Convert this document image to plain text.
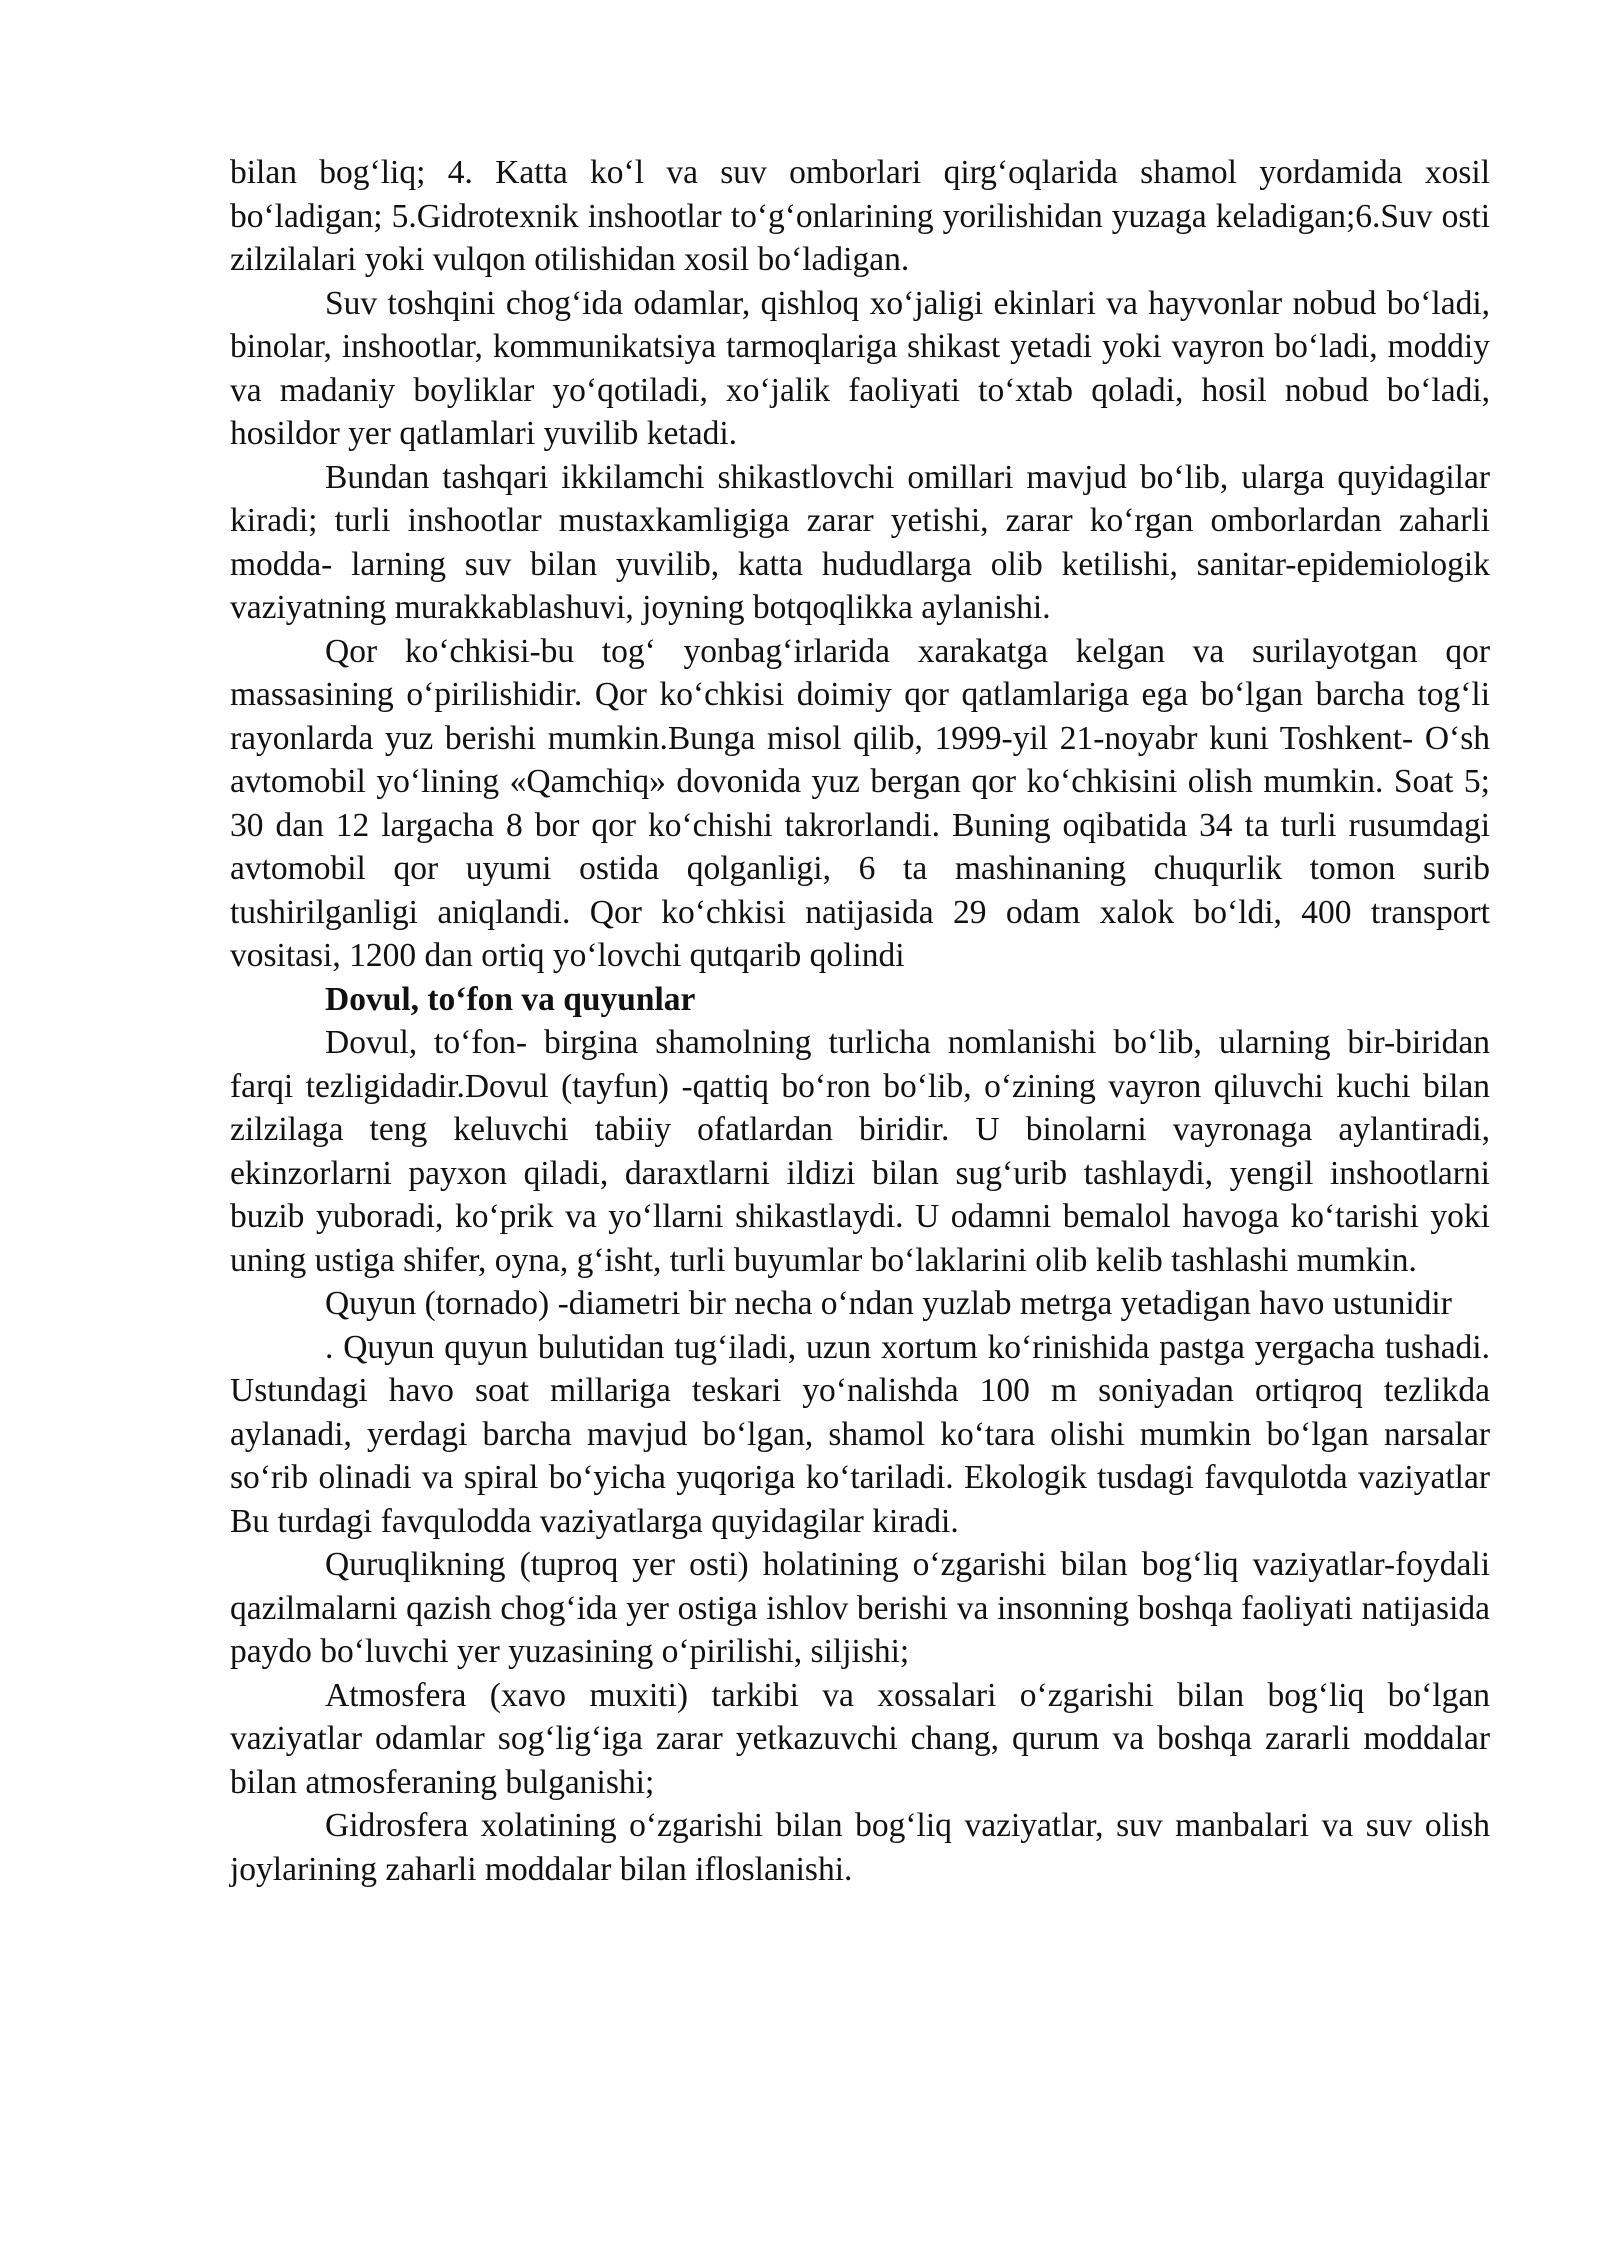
bilan bog‘liq; 4. Katta ko‘l va suv omborlari qirg‘oqlarida shamol yordamida xosil bo‘ladigan; 5.Gidrotexnik inshootlar to‘g‘onlarining yorilishidan yuzaga keladigan;6.Suv osti zilzilalari yoki vulqon otilishidan xosil bo‘ladigan.

Suv toshqini chog‘ida odamlar, qishloq xo‘jaligi ekinlari va hayvonlar nobud bo‘ladi, binolar, inshootlar, kommunikatsiya tarmoqlariga shikast yetadi yoki vayron bo‘ladi, moddiy va madaniy boyliklar yo‘qotiladi, xo‘jalik faoliyati to‘xtab qoladi, hosil nobud bo‘ladi, hosildor yer qatlamlari yuvilib ketadi.

Bundan tashqari ikkilamchi shikastlovchi omillari mavjud bo‘lib, ularga quyidagilar kiradi; turli inshootlar mustaxkamligiga zarar yetishi, zarar ko‘rgan omborlardan zaharli modda- larning suv bilan yuvilib, katta hududlarga olib ketilishi, sanitar-epidemiologik vaziyatning murakkablashuvi, joyning botqoqlikka aylanishi.

Qor ko‘chkisi-bu tog‘ yonbag‘irlarida xarakatga kelgan va surilayotgan qor massasining o‘pirilishidir. Qor ko‘chkisi doimiy qor qatlamlariga ega bo‘lgan barcha tog‘li rayonlarda yuz berishi mumkin.Bunga misol qilib, 1999-yil 21-noyabr kuni Toshkent- O‘sh avtomobil yo‘lining «Qamchiq» dovonida yuz bergan qor ko‘chkisini olish mumkin. Soat 5; 30 dan 12 largacha 8 bor qor ko‘chishi takrorlandi. Buning oqibatida 34 ta turli rusumdagi avtomobil qor uyumi ostida qolganligi, 6 ta mashinaning chuqurlik tomon surib tushirilganligi aniqlandi. Qor ko‘chkisi natijasida 29 odam xalok bo‘ldi, 400 transport vositasi, 1200 dan ortiq yo‘lovchi qutqarib qolindi

Dovul, to‘fon va quyunlar

Dovul, to‘fon- birgina shamolning turlicha nomlanishi bo‘lib, ularning bir-biridan farqi tezligidadir.Dovul (tayfun) -qattiq bo‘ron bo‘lib, o‘zining vayron qiluvchi kuchi bilan zilzilaga teng keluvchi tabiiy ofatlardan biridir. U binolarni vayronaga aylantiradi, ekinzorlarni payxon qiladi, daraxtlarni ildizi bilan sug‘urib tashlaydi, yengil inshootlarni buzib yuboradi, ko‘prik va yo‘llarni shikastlaydi. U odamni bemalol havoga ko‘tarishi yoki uning ustiga shifer, oyna, g‘isht, turli buyumlar bo‘laklarini olib kelib tashlashi mumkin.

Quyun (tornado) -diametri bir necha o‘ndan yuzlab metrga yetadigan havo ustunidir

. Quyun quyun bulutidan tug‘iladi, uzun xortum ko‘rinishida pastga yergacha tushadi. Ustundagi havo soat millariga teskari yo‘nalishda 100 m soniyadan ortiqroq tezlikda aylanadi, yerdagi barcha mavjud bo‘lgan, shamol ko‘tara olishi mumkin bo‘lgan narsalar so‘rib olinadi va spiral bo‘yicha yuqoriga ko‘tariladi. Ekologik tusdagi favqulotda vaziyatlar Bu turdagi favqulodda vaziyatlarga quyidagilar kiradi.

Quruqlikning (tuproq yer osti) holatining o‘zgarishi bilan bog‘liq vaziyatlar-foydali qazilmalarni qazish chog‘ida yer ostiga ishlov berishi va insonning boshqa faoliyati natijasida paydo bo‘luvchi yer yuzasining o‘pirilishi, siljishi;

Atmosfera (xavo muxiti) tarkibi va xossalari o‘zgarishi bilan bog‘liq bo‘lgan vaziyatlar odamlar sog‘lig‘iga zarar yetkazuvchi chang, qurum va boshqa zararli moddalar bilan atmosferaning bulganishi;

Gidrosfera xolatining o‘zgarishi bilan bog‘liq vaziyatlar, suv manbalari va suv olish joylarining zaharli moddalar bilan ifloslanishi.
